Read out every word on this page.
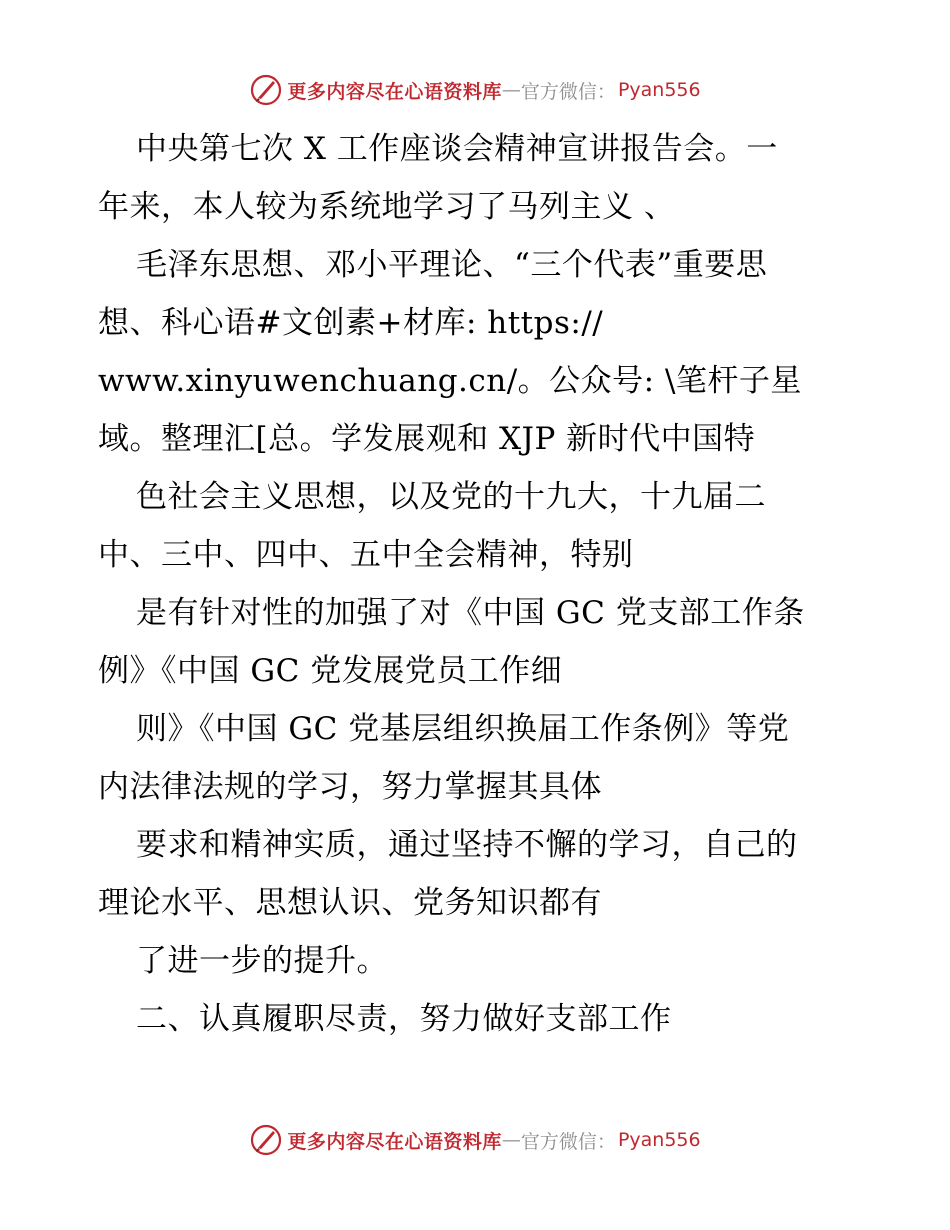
更多内容尽在心语资料库 — 官方微信： Pyan556
中央第七次 X 工作座谈会精神宣讲报告会。一
年来，本人较为系统地学习了马列主义 、
毛泽东思想、邓小平理论、“三个代表”重要思
想、科心语#文创素+材库: https://
www.xinyuwenchuang.cn/。公众号: \笔杆子星
域。整理汇[总。学发展观和 XJP 新时代中国特
色社会主义思想，以及党的十九大，十九届二
中、三中、四中、五中全会精神，特别
是有针对性的加强了对《中国 GC 党支部工作条
例》《中国 GC 党发展党员工作细
则》《中国 GC 党基层组织换届工作条例》等党
内法律法规的学习，努力掌握其具体
要求和精神实质，通过坚持不懈的学习，自己的
理论水平、思想认识、党务知识都有
了进一步的提升。
二、认真履职尽责，努力做好支部工作
更多内容尽在心语资料库 — 官方微信： Pyan556
